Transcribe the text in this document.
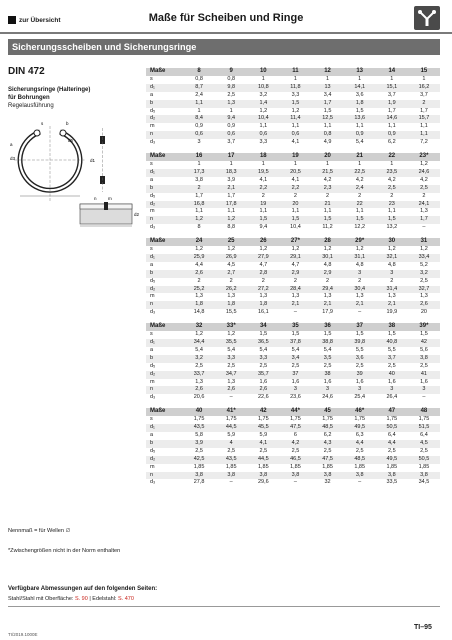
zur Übersicht	Maße für Scheiben und Ringe
Sicherungsscheiben und Sicherungsringe
DIN 472
Sicherungsringe (Halteringe)
für Bohrungen
Regelausführung
s	b
a
d3
d5
m
n
d1
d2
Nennmaß = für Wellen ∅
*Zwischengrößen nicht in der Norm enthalten
Maße	8	9	10	11	12	13	14	15
s	0,8	0,8	1	1	1	1	1	1
d₁	8,7	9,8	10,8	11,8	13	14,1	15,1	16,2
a	2,4	2,5	3,2	3,3	3,4	3,6	3,7	3,7
b	1,1	1,3	1,4	1,5	1,7	1,8	1,9	2
d₅	1	1	1,2	1,2	1,5	1,5	1,7	1,7
d₂	8,4	9,4	10,4	11,4	12,5	13,6	14,6	15,7
m	0,9	0,9	1,1	1,1	1,1	1,1	1,1	1,1
n	0,6	0,6	0,6	0,6	0,8	0,9	0,9	1,1
d₃	3	3,7	3,3	4,1	4,9	5,4	6,2	7,2
Maße	16	17	18	19	20	21	22	23*
s	1	1	1	1	1	1	1	1,2
d₁	17,3	18,3	19,5	20,5	21,5	22,5	23,5	24,6
a	3,8	3,9	4,1	4,1	4,2	4,2	4,2	4,2
b	2	2,1	2,2	2,2	2,3	2,4	2,5	2,5
d₅	1,7	1,7	2	2	2	2	2	2
d₂	16,8	17,8	19	20	21	22	23	24,1
m	1,1	1,1	1,1	1,1	1,1	1,1	1,1	1,3
n	1,2	1,2	1,5	1,5	1,5	1,5	1,5	1,7
d₃	8	8,8	9,4	10,4	11,2	12,2	13,2	–
Maße	24	25	26	27*	28	29*	30	31
s	1,2	1,2	1,2	1,2	1,2	1,2	1,2	1,2
d₁	25,9	26,9	27,9	29,1	30,1	31,1	32,1	33,4
a	4,4	4,5	4,7	4,7	4,8	4,8	4,8	5,2
b	2,6	2,7	2,8	2,9	2,9	3	3	3,2
d₅	2	2	2	2	2	2	2	2,5
d₂	25,2	26,2	27,2	28,4	29,4	30,4	31,4	32,7
m	1,3	1,3	1,3	1,3	1,3	1,3	1,3	1,3
n	1,8	1,8	1,8	2,1	2,1	2,1	2,1	2,6
d₃	14,8	15,5	16,1	–	17,9	–	19,9	20
Maße	32	33*	34	35	36	37	38	39*
s	1,2	1,2	1,5	1,5	1,5	1,5	1,5	1,5
d₁	34,4	35,5	36,5	37,8	38,8	39,8	40,8	42
a	5,4	5,4	5,4	5,4	5,4	5,5	5,5	5,6
b	3,2	3,3	3,3	3,4	3,5	3,6	3,7	3,8
d₅	2,5	2,5	2,5	2,5	2,5	2,5	2,5	2,5
d₂	33,7	34,7	35,7	37	38	39	40	41
m	1,3	1,3	1,6	1,6	1,6	1,6	1,6	1,6
n	2,6	2,6	2,6	3	3	3	3	3
d₃	20,6	–	22,6	23,6	24,6	25,4	26,4	–
Maße	40	41*	42	44*	45	46*	47	48
s	1,75	1,75	1,75	1,75	1,75	1,75	1,75	1,75
d₁	43,5	44,5	45,5	47,5	48,5	49,5	50,5	51,5
a	5,8	5,9	5,9	6	6,2	6,3	6,4	6,4
b	3,9	4	4,1	4,2	4,3	4,4	4,4	4,5
d₅	2,5	2,5	2,5	2,5	2,5	2,5	2,5	2,5
d₂	42,5	43,5	44,5	46,5	47,5	48,5	49,5	50,5
m	1,85	1,85	1,85	1,85	1,85	1,85	1,85	1,85
n	3,8	3,8	3,8	3,8	3,8	3,8	3,8	3,8
d₃	27,8	–	29,6	–	32	–	33,5	34,5
Verfügbare Abmessungen auf den folgenden Seiten:
Stahl/Stahl mit Oberfläche: S. 90 | Edelstahl: S. 470
TI/2019.1000E
TI–95
